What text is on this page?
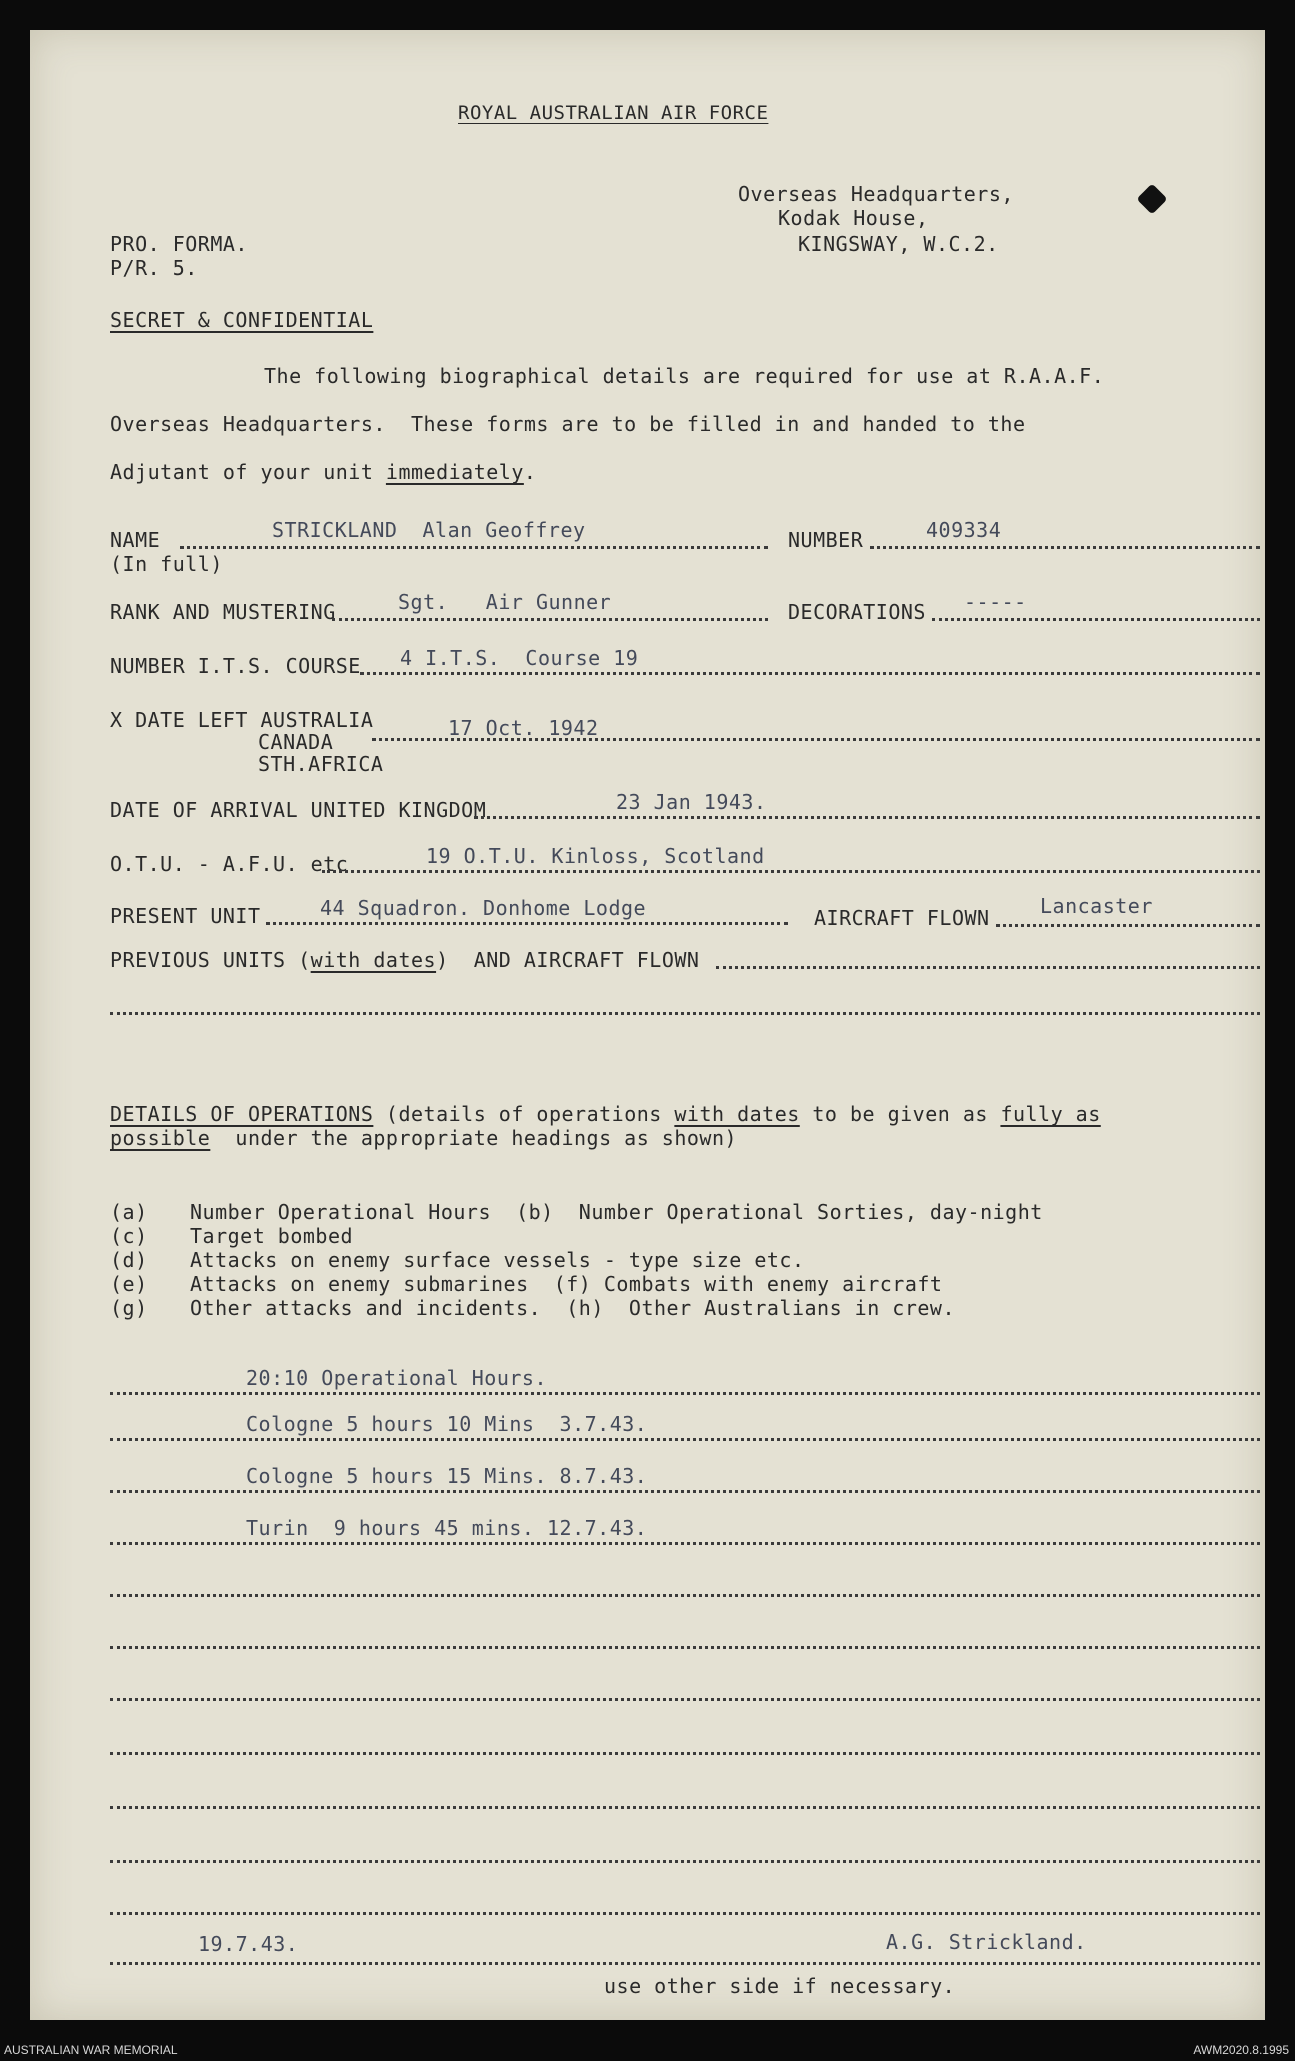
ROYAL AUSTRALIAN AIR FORCE
Overseas Headquarters,
Kodak House,
KINGSWAY, W.C.2.
PRO. FORMA.
P/R. 5.
SECRET & CONFIDENTIAL
The following biographical details are required for use at R.A.A.F.
Overseas Headquarters.  These forms are to be filled in and handed to the
Adjutant of your unit immediately.
NAME	STRICKLAND  Alan Geoffrey
(In full)
NUMBER	409334
RANK AND MUSTERING	Sgt.   Air Gunner	DECORATIONS -----
NUMBER I.T.S. COURSE 4 I.T.S.  Course 19
X DATE LEFT AUSTRALIA
CANADA
STH.AFRICA
17 Oct. 1942
DATE OF ARRIVAL UNITED KINGDOM	23 Jan 1943.
O.T.U. - A.F.U. etc	19 O.T.U. Kinloss, Scotland
PRESENT UNIT	44 Squadron. Donhome Lodge	AIRCRAFT FLOWN	Lancaster
PREVIOUS UNITS (with dates)  AND AIRCRAFT FLOWN
DETAILS OF OPERATIONS (details of operations with dates to be given as fully as
possible  under the appropriate headings as shown)
(a) Number Operational Hours  (b)  Number Operational Sorties, day-night
(c) Target bombed
(d) Attacks on enemy surface vessels - type size etc.
(e) Attacks on enemy submarines  (f) Combats with enemy aircraft
(g) Other attacks and incidents.  (h)  Other Australians in crew.
20:10 Operational Hours.
Cologne 5 hours 10 Mins  3.7.43.
Cologne 5 hours 15 Mins. 8.7.43.
Turin  9 hours 45 mins. 12.7.43.
19.7.43.	A.G. Strickland.
use other side if necessary.
AUSTRALIAN WAR MEMORIAL	AWM2020.8.1995
